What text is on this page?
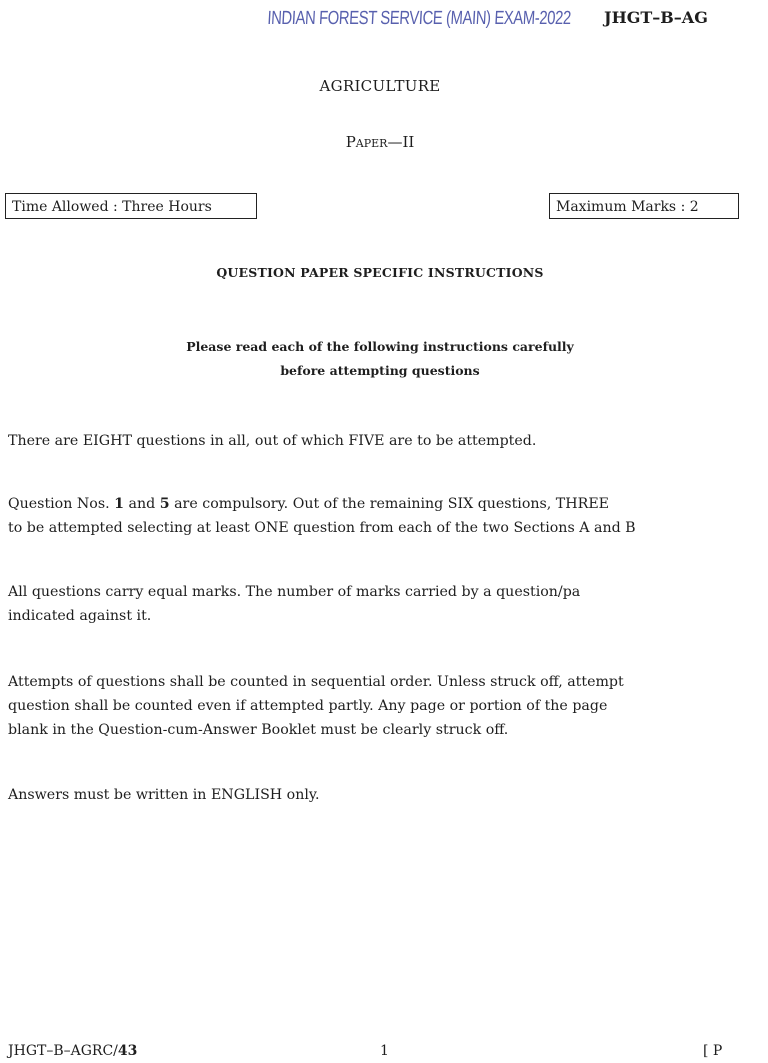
INDIAN FOREST SERVICE (MAIN) EXAM-2022 JHGT–B–AG
AGRICULTURE
Paper—II
Time Allowed : Three Hours	Maximum Marks : 2
QUESTION PAPER SPECIFIC INSTRUCTIONS
Please read each of the following instructions carefully
before attempting questions
There are EIGHT questions in all, out of which FIVE are to be attempted.
Question Nos. 1 and 5 are compulsory. Out of the remaining SIX questions, THREE
to be attempted selecting at least ONE question from each of the two Sections A and B
All questions carry equal marks. The number of marks carried by a question/pa
indicated against it.
Attempts of questions shall be counted in sequential order. Unless struck off, attempt
question shall be counted even if attempted partly. Any page or portion of the page
blank in the Question-cum-Answer Booklet must be clearly struck off.
Answers must be written in ENGLISH only.
JHGT–B–AGRC/43	1	[ P
